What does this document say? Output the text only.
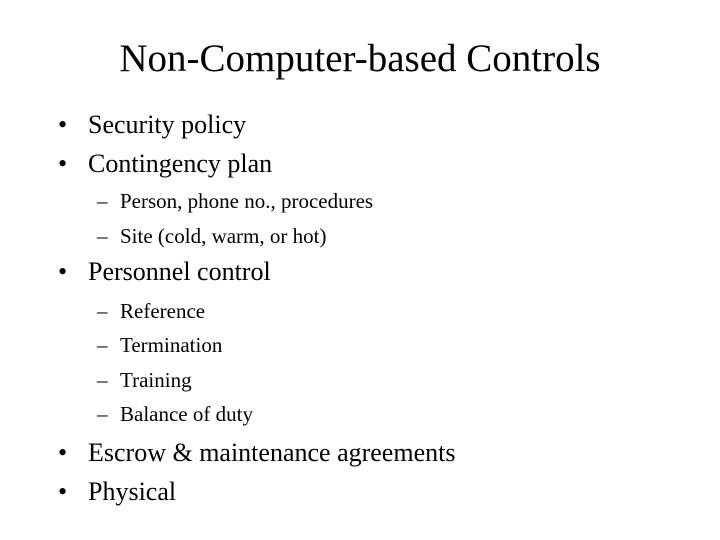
Non-Computer-based Controls
• Security policy
• Contingency plan
– Person, phone no., procedures
– Site (cold, warm, or hot)
• Personnel control
– Reference
– Termination
– Training
– Balance of duty
• Escrow & maintenance agreements
• Physical
